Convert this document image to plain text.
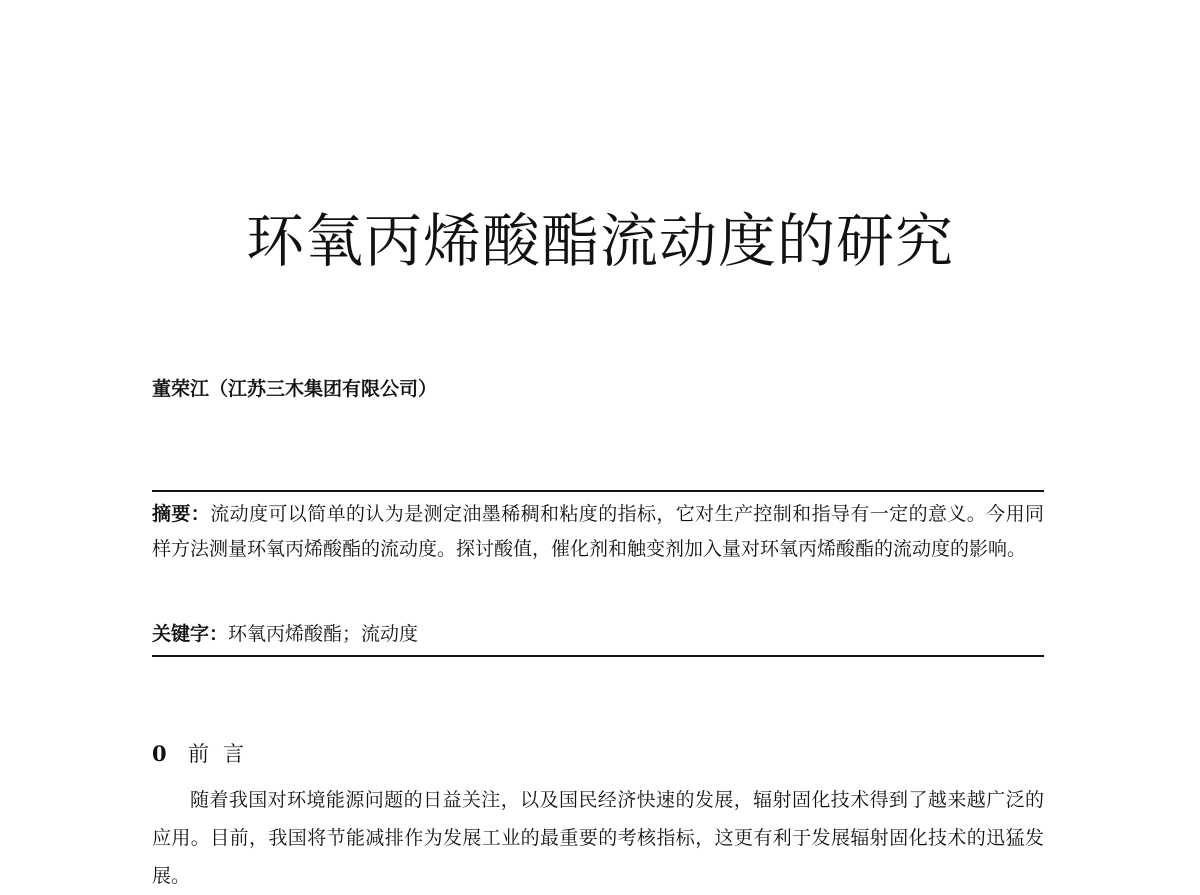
环氧丙烯酸酯流动度的研究
董荣江（江苏三木集团有限公司）
摘要：流动度可以简单的认为是测定油墨稀稠和粘度的指标，它对生产控制和指导有一定的意义。今用同样方法测量环氧丙烯酸酯的流动度。探讨酸值，催化剂和触变剂加入量对环氧丙烯酸酯的流动度的影响。
关键字：环氧丙烯酸酯；流动度
0 前言

随着我国对环境能源问题的日益关注，以及国民经济快速的发展，辐射固化技术得到了越来越广泛的应用。目前，我国将节能减排作为发展工业的最重要的考核指标，这更有利于发展辐射固化技术的迅猛发展。
